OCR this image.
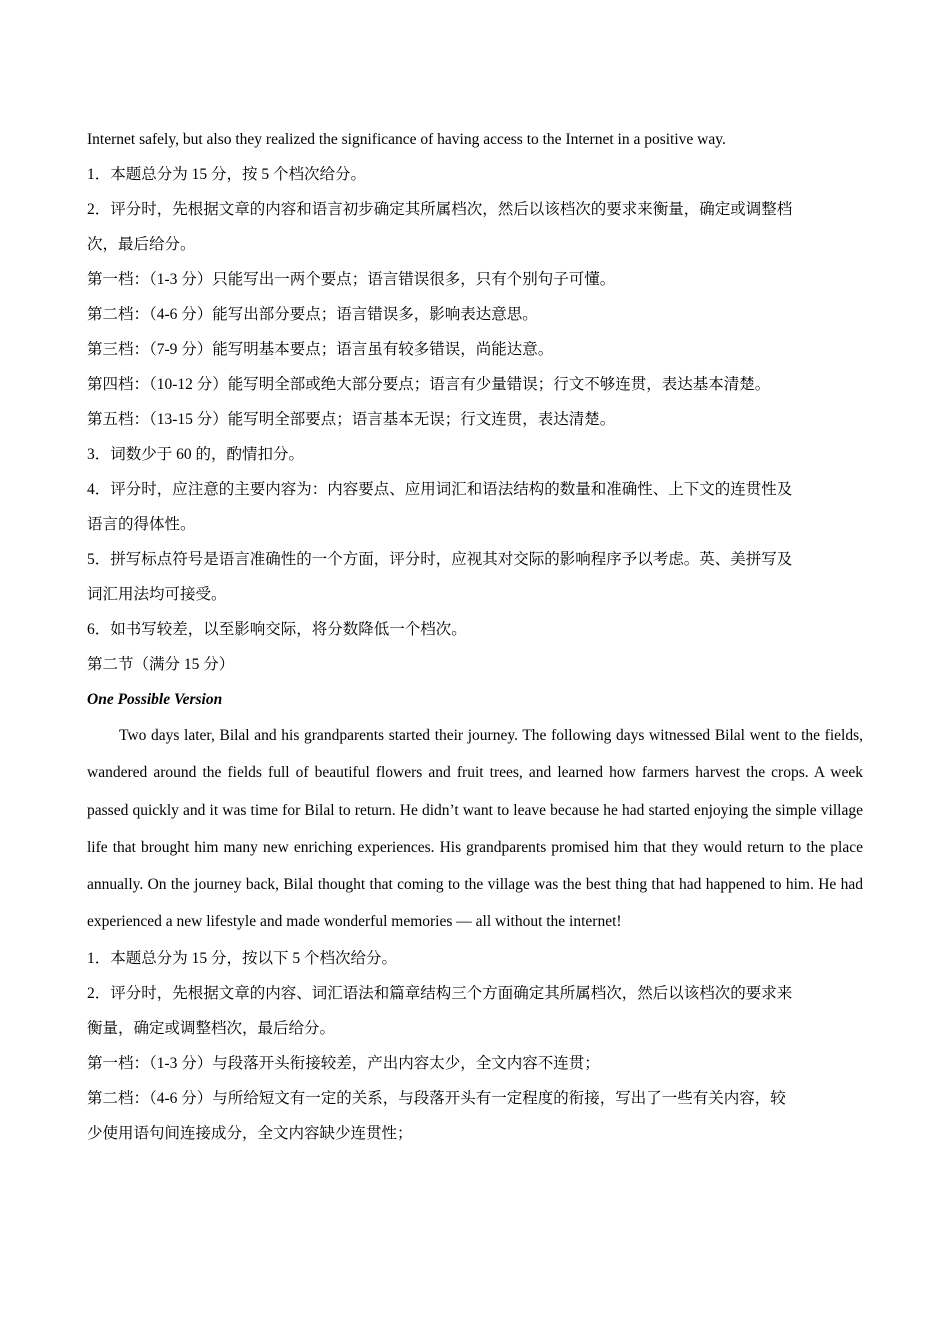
Internet safely, but also they realized the significance of having access to the Internet in a positive way.
1．本题总分为 15 分，按 5 个档次给分。
2．评分时，先根据文章的内容和语言初步确定其所属档次，然后以该档次的要求来衡量，确定或调整档
次，最后给分。
第一档：（1-3 分）只能写出一两个要点；语言错误很多，只有个别句子可懂。
第二档：（4-6 分）能写出部分要点；语言错误多，影响表达意思。
第三档：（7-9 分）能写明基本要点；语言虽有较多错误，尚能达意。
第四档：（10-12 分）能写明全部或绝大部分要点；语言有少量错误；行文不够连贯，表达基本清楚。
第五档：（13-15 分）能写明全部要点；语言基本无误；行文连贯，表达清楚。
3．词数少于 60 的，酌情扣分。
4．评分时，应注意的主要内容为：内容要点、应用词汇和语法结构的数量和准确性、上下文的连贯性及
语言的得体性。
5．拼写标点符号是语言准确性的一个方面，评分时，应视其对交际的影响程序予以考虑。英、美拼写及
词汇用法均可接受。
6．如书写较差，以至影响交际，将分数降低一个档次。
第二节（满分 15 分）
One Possible Version

Two days later, Bilal and his grandparents started their journey. The following days witnessed Bilal went to the fields, wandered around the fields full of beautiful flowers and fruit trees, and learned how farmers harvest the crops. A week passed quickly and it was time for Bilal to return. He didn’t want to leave because he had started enjoying the simple village life that brought him many new enriching experiences. His grandparents promised him that they would return to the place annually. On the journey back, Bilal thought that coming to the village was the best thing that had happened to him. He had experienced a new lifestyle and made wonderful memories — all without the internet!

1．本题总分为 15 分，按以下 5 个档次给分。
2．评分时，先根据文章的内容、词汇语法和篇章结构三个方面确定其所属档次，然后以该档次的要求来
衡量，确定或调整档次，最后给分。
第一档：（1-3 分）与段落开头衔接较差，产出内容太少，全文内容不连贯；
第二档：（4-6 分）与所给短文有一定的关系，与段落开头有一定程度的衔接，写出了一些有关内容，较
少使用语句间连接成分，全文内容缺少连贯性；
